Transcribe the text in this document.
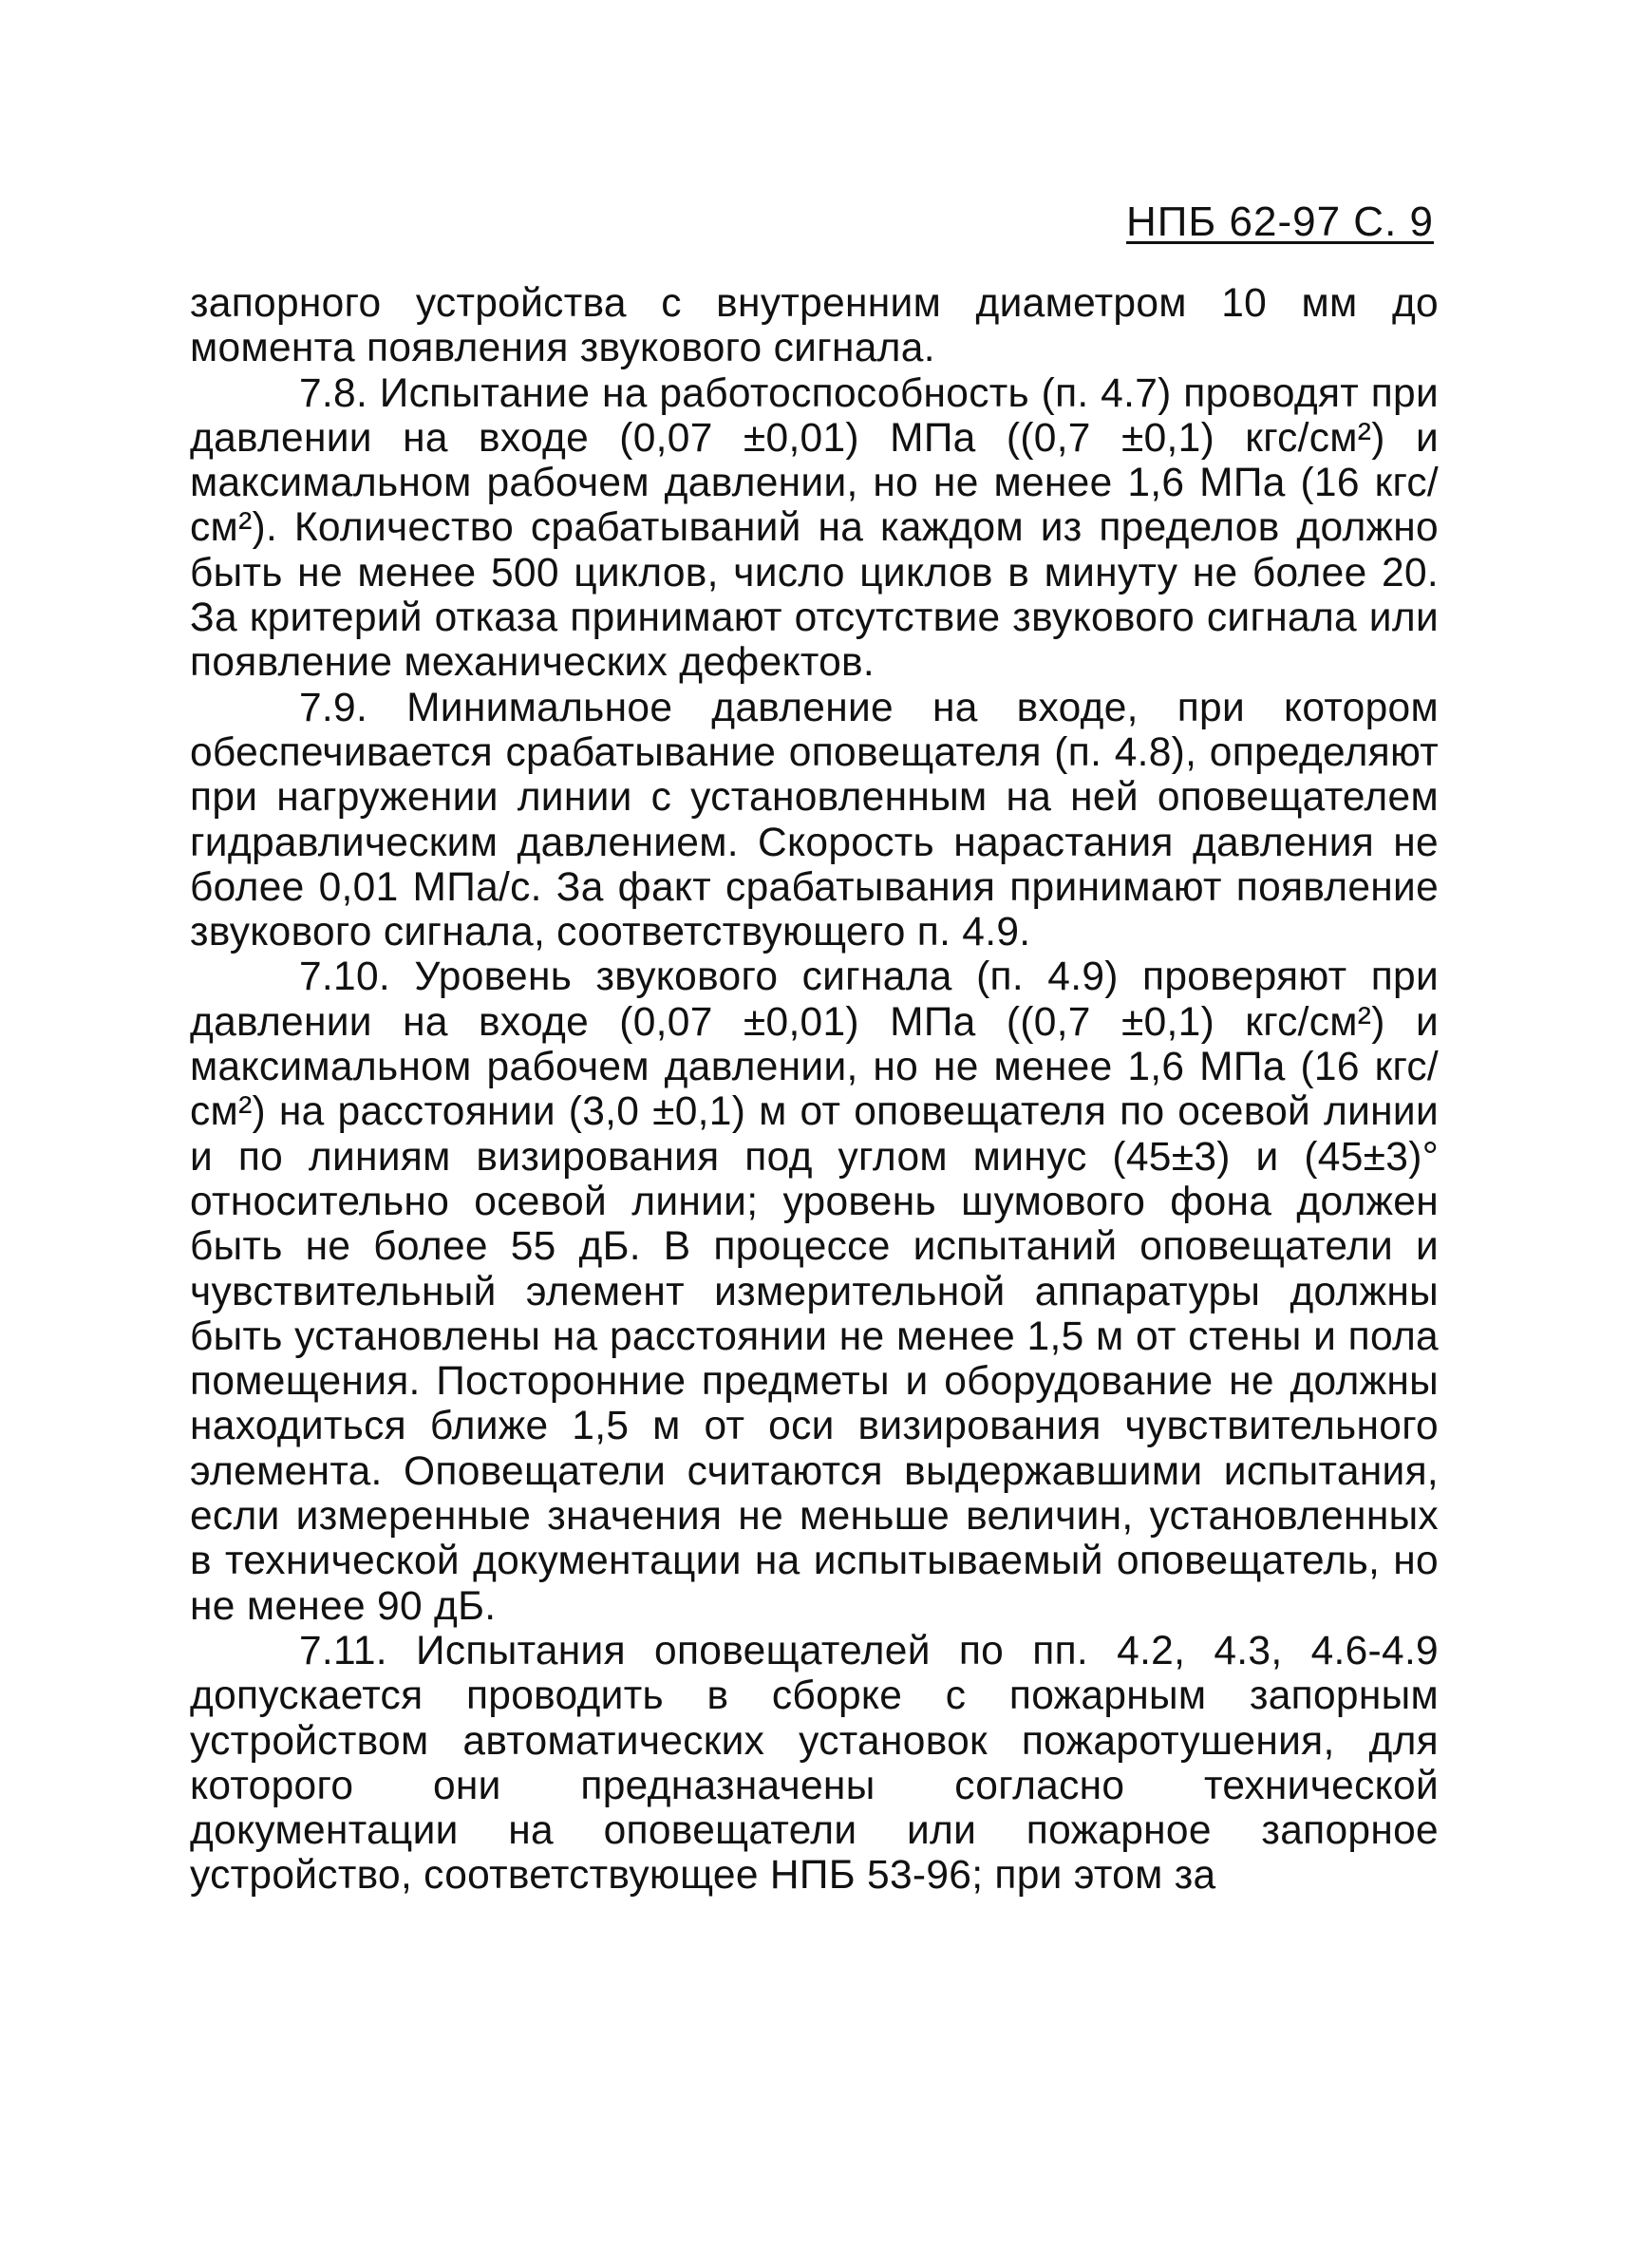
НПБ 62-97 С. 9

запорного устройства с внутренним диаметром 10 мм до момента появления звукового сигнала.

7.8. Испытание на работоспособность (п. 4.7) проводят при давлении на входе (0,07 ±0,01) МПа ((0,7 ±0,1) кгс/см²) и максимальном рабочем давлении, но не менее 1,6 МПа (16 кгс/см²). Количество срабатываний на каждом из пределов должно быть не менее 500 циклов, число циклов в минуту не более 20. За критерий отказа принимают отсутствие звукового сигнала или появление механических дефектов.

7.9. Минимальное давление на входе, при котором обеспечивается срабатывание оповещателя (п. 4.8), определяют при нагружении линии с установленным на ней оповещателем гидравлическим давлением. Скорость нарастания давления не более 0,01 МПа/с. За факт срабатывания принимают появление звукового сигнала, соответствующего п. 4.9.

7.10. Уровень звукового сигнала (п. 4.9) проверяют при давлении на входе (0,07 ±0,01) МПа ((0,7 ±0,1) кгс/см²) и максимальном рабочем давлении, но не менее 1,6 МПа (16 кгс/см²) на расстоянии (3,0 ±0,1) м от оповещателя по осевой линии и по линиям визирования под углом минус (45±3) и (45±3)° относительно осевой линии; уровень шумового фона должен быть не более 55 дБ. В процессе испытаний оповещатели и чувствительный элемент измерительной аппаратуры должны быть установлены на расстоянии не менее 1,5 м от стены и пола помещения. Посторонние предметы и оборудование не должны находиться ближе 1,5 м от оси визирования чувствительного элемента. Оповещатели считаются выдержавшими испытания, если измеренные значения не меньше величин, установленных в технической документации на испытываемый оповещатель, но не менее 90 дБ.

7.11. Испытания оповещателей по пп. 4.2, 4.3, 4.6-4.9 допускается проводить в сборке с пожарным запорным устройством автоматических установок пожаротушения, для которого они предназначены согласно технической документации на оповещатели или пожарное запорное устройство, соответствующее НПБ 53-96; при этом за
